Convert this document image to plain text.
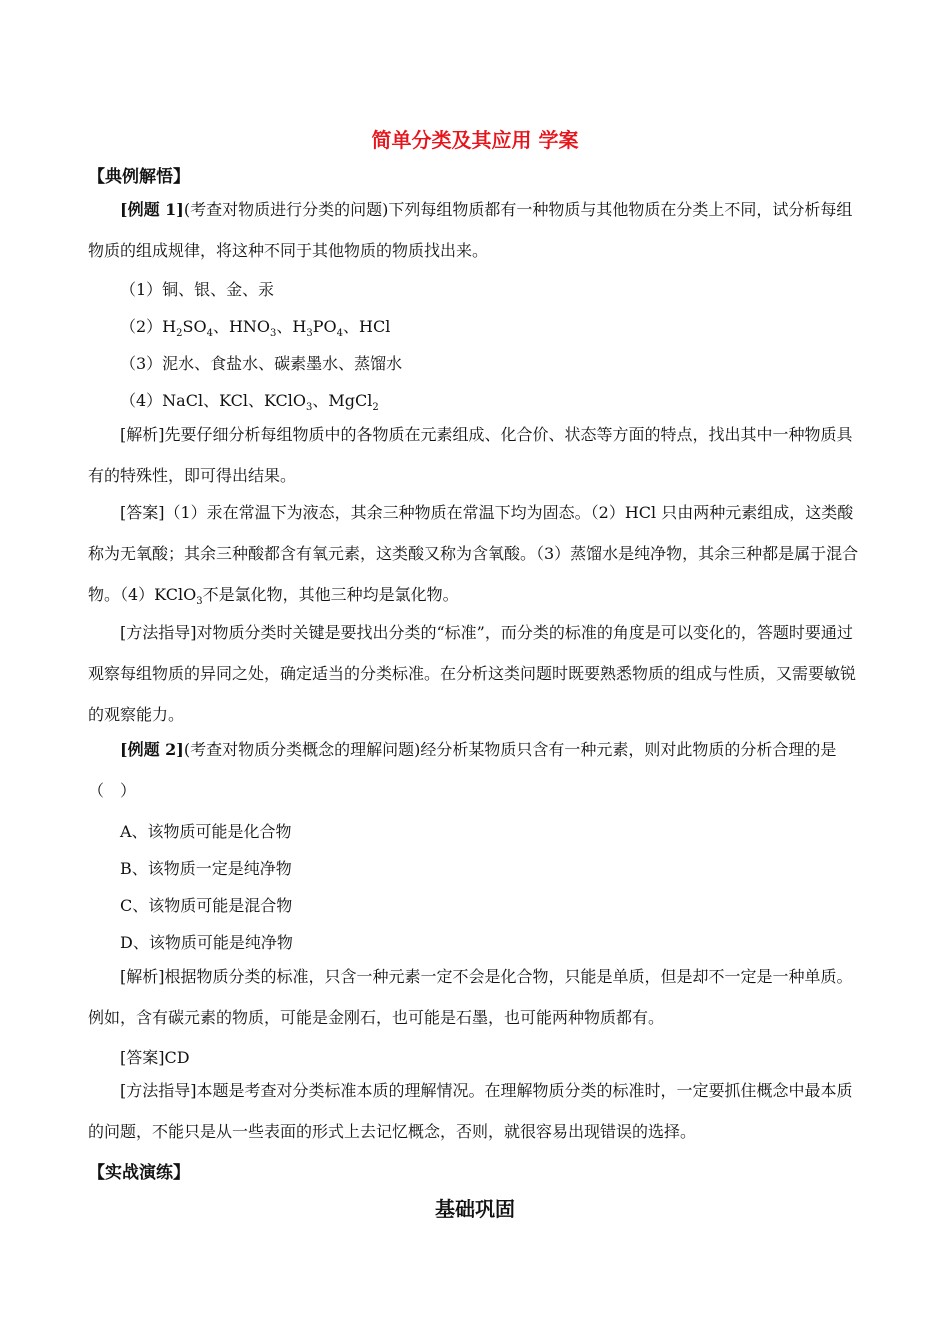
简单分类及其应用 学案
【典例解悟】

[例题 1](考查对物质进行分类的问题)下列每组物质都有一种物质与其他物质在分类上不同，试分析每组物质的组成规律，将这种不同于其他物质的物质找出来。

（1）铜、银、金、汞
$(2)H_2SO_4$、$HNO_3$、$H_3PO_4$、HCl
（3）泥水、食盐水、碳素墨水、蒸馏水
（4）NaCl、KCl、KClO$_3$、MgCl$_2$

[解析]先要仔细分析每组物质中的各物质在元素组成、化合价、状态等方面的特点，找出其中一种物质具有的特殊性，即可得出结果。

[答案]（1）汞在常温下为液态，其余三种物质在常温下均为固态。（2）HCl 只由两种元素组成，这类酸称为无氧酸；其余三种酸都含有氧元素，这类酸又称为含氧酸。（3）蒸馏水是纯净物，其余三种都是属于混合物。（4）KClO$_3$不是氯化物，其他三种均是氯化物。

[方法指导]对物质分类时关键是要找出分类的“标准”，而分类的标准的角度是可以变化的，答题时要通过观察每组物质的异同之处，确定适当的分类标准。在分析这类问题时既要熟悉物质的组成与性质，又需要敏锐的观察能力。

[例题 2](考查对物质分类概念的理解问题)经分析某物质只含有一种元素，则对此物质的分析合理的是（　）

A、该物质可能是化合物
B、该物质一定是纯净物
C、该物质可能是混合物
D、该物质可能是纯净物

[解析]根据物质分类的标准，只含一种元素一定不会是化合物，只能是单质，但是却不一定是一种单质。例如，含有碳元素的物质，可能是金刚石，也可能是石墨，也可能两种物质都有。

[答案]CD

[方法指导]本题是考查对分类标准本质的理解情况。在理解物质分类的标准时，一定要抓住概念中最本质的问题，不能只是从一些表面的形式上去记忆概念，否则，就很容易出现错误的选择。

【实战演练】
基础巩固
